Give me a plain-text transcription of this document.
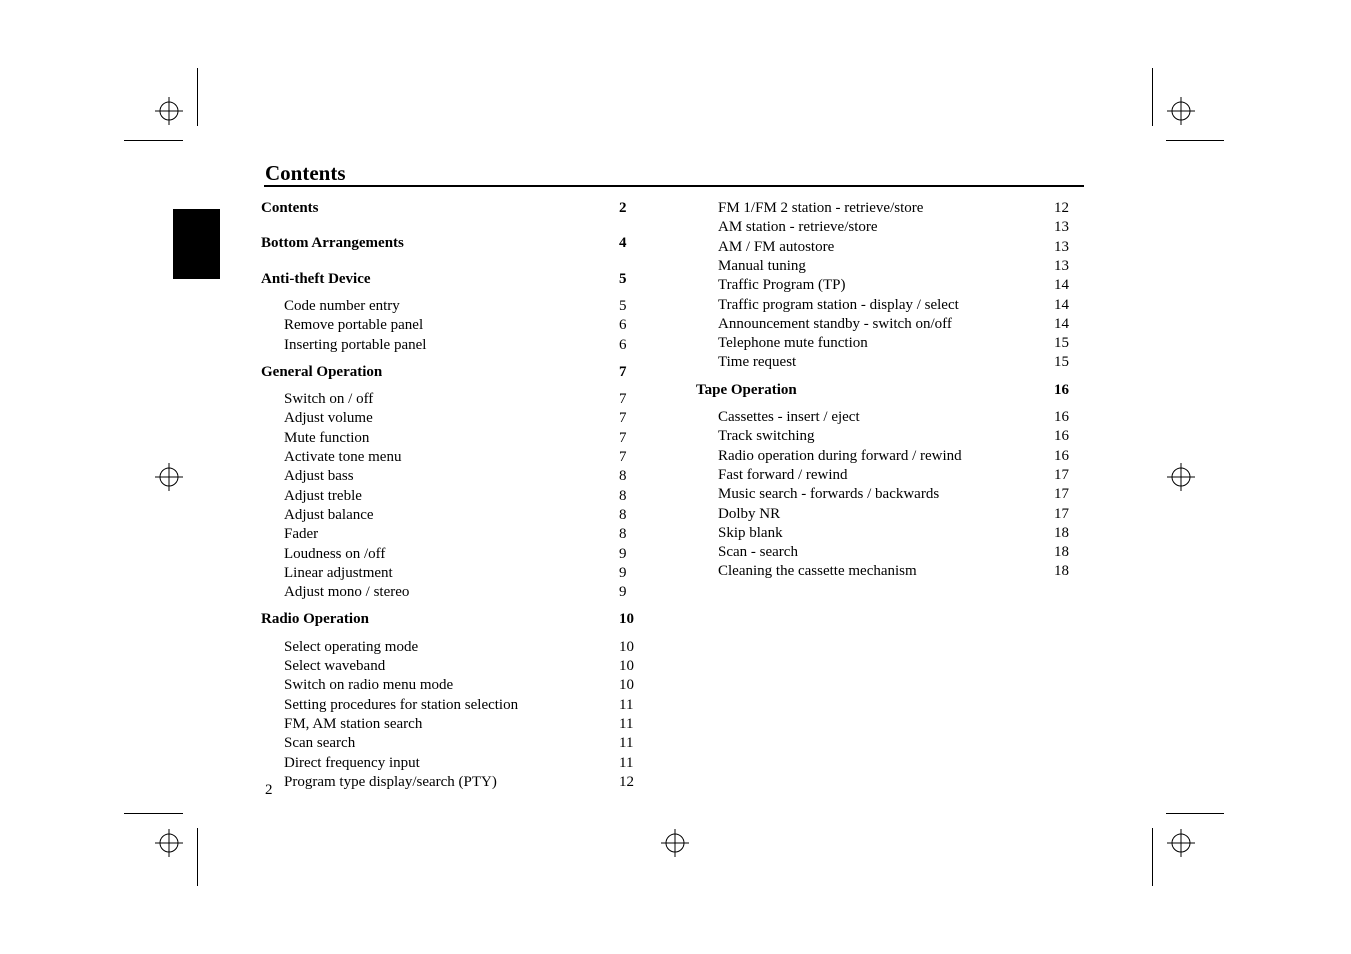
Contents
Contents	2
Bottom Arrangements	4
Anti-theft Device	5
Code number entry	5
Remove portable panel	6
Inserting portable panel	6
General Operation	7
Switch on / off	7
Adjust volume	7
Mute function	7
Activate tone menu	7
Adjust bass	8
Adjust treble	8
Adjust balance	8
Fader	8
Loudness on /off	9
Linear adjustment	9
Adjust mono / stereo	9
Radio Operation	10
Select operating mode	10
Select waveband	10
Switch on radio menu mode	10
Setting procedures for station selection	11
FM, AM station search	11
Scan search	11
Direct frequency input	11
Program type display/search (PTY)	12
FM 1/FM 2 station - retrieve/store	12
AM station - retrieve/store	13
AM / FM autostore	13
Manual tuning	13
Traffic Program (TP)	14
Traffic program station - display / select	14
Announcement standby - switch on/off	14
Telephone mute function	15
Time request	15
Tape Operation	16
Cassettes - insert / eject	16
Track switching	16
Radio operation during forward / rewind	16
Fast forward / rewind	17
Music search - forwards / backwards	17
Dolby NR	17
Skip blank	18
Scan - search	18
Cleaning the cassette mechanism	18
2
